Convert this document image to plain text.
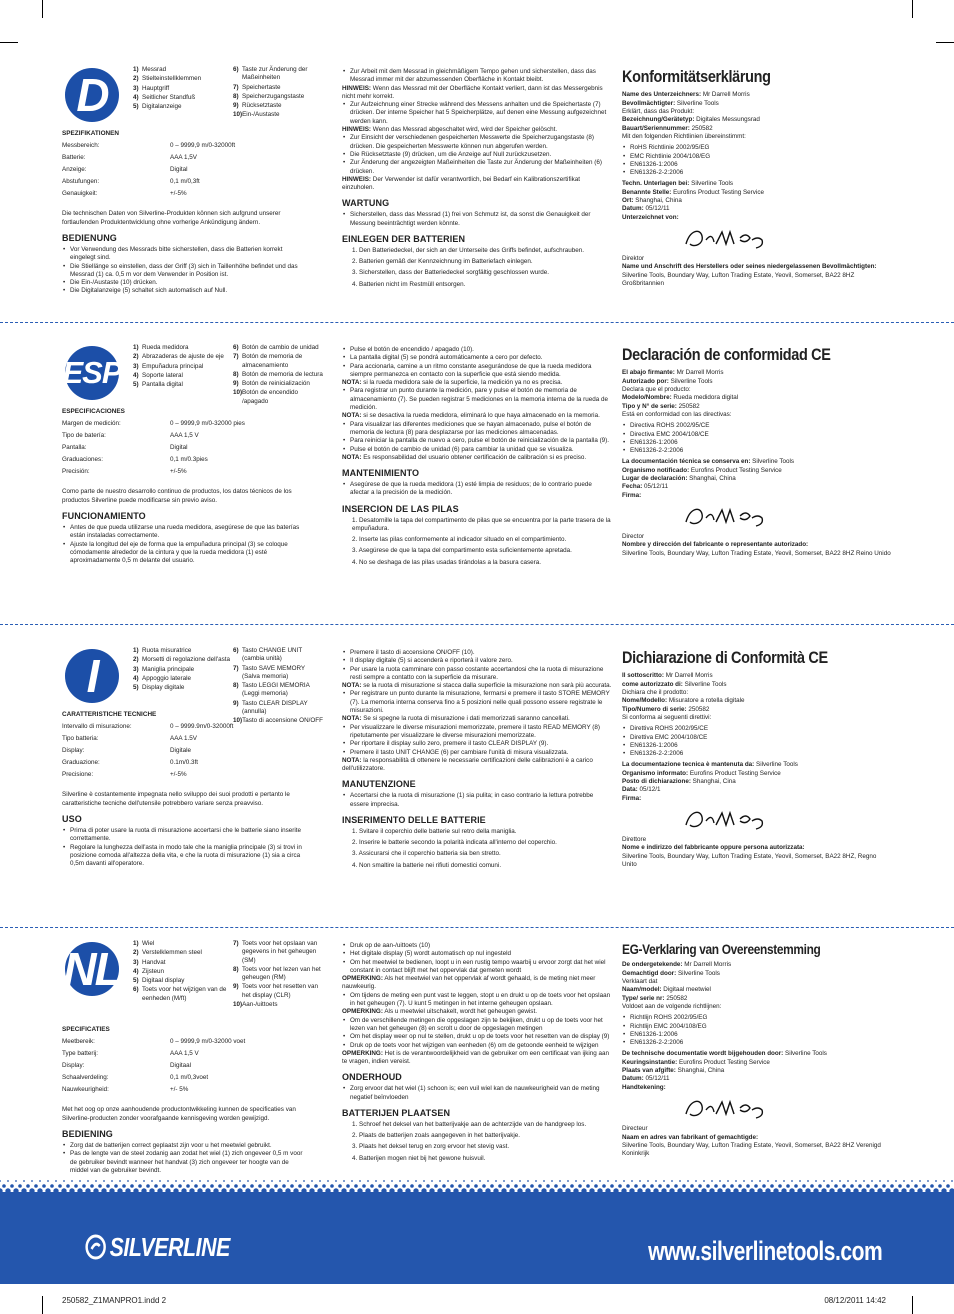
D	1) Messrad
2) Stielteinstellklemmen
3) Hauptgriff
4) Seitlicher Standfuß
5) Digitalanzeige
6) Taste zur Änderung der Maßeinheiten
7) Speichertaste
8) Speicherzugangstaste
9) Rücksetztaste
10) Ein-/Austaste
SPEZIFIKATIONEN
Messbereich:	0 – 9999,9 m/0-32000ft
Batterie:	AAA 1,5V
Anzeige:	Digital
Abstufungen:	0,1 m/0,3ft
Genauigkeit:	+/-5%

Die technischen Daten von Silverline-Produkten können sich aufgrund unserer fortlaufenden Produktentwicklung ohne vorherige Ankündigung ändern.

BEDIENUNG
• Vor Verwendung des Messrads bitte sicherstellen, dass die Batterien korrekt eingelegt sind.
• Die Stiellänge so einstellen, dass der Griff (3) sich in Taillenhöhe befindet und das Messrad (1) ca. 0,5 m vor dem Verwender in Position ist.
• Die Ein-/Austaste (10) drücken.
• Die Digitalanzeige (5) schaltet sich automatisch auf Null.
• Zur Arbeit mit dem Messrad in gleichmäßigem Tempo gehen und sicherstellen, dass das Messrad immer mit der abzumessenden Oberfläche in Kontakt bleibt.

HINWEIS: Wenn das Messrad mit der Oberfläche Kontakt verliert, dann ist das Messergebnis nicht mehr korrekt.

• Zur Aufzeichnung einer Strecke während des Messens anhalten und die Speichertaste (7) drücken. Der interne Speicher hat 5 Speicherplätze, auf denen eine Messung aufgezeichnet werden kann.

HINWEIS: Wenn das Messrad abgeschaltet wird, wird der Speicher gelöscht.

• Zur Einsicht der verschiedenen gespeicherten Messwerte die Speicherzugangstaste (8) drücken. Die gespeicherten Messwerte können nun abgerufen werden.
• Die Rücksetztaste (9) drücken, um die Anzeige auf Null zurückzusetzen.
• Zur Änderung der angezeigten Maßeinheiten die Taste zur Änderung der Maßeinheiten (6) drücken.

HINWEIS: Der Verwender ist dafür verantwortlich, bei Bedarf ein Kalibrationszertifikat einzuholen.

WARTUNG
• Sicherstellen, dass das Messrad (1) frei von Schmutz ist, da sonst die Genauigkeit der Messung beeinträchtigt werden könnte.
EINLEGEN DER BATTERIEN
1. Den Batteriedeckel, der sich an der Unterseite des Griffs befindet, aufschrauben.
2. Batterien gemäß der Kennzeichnung im Batteriefach einlegen.
3. Sicherstellen, dass der Batteriedeckel sorgfältig geschlossen wurde.
4. Batterien nicht im Restmüll entsorgen.
Konformitätserklärung

Name des Unterzeichners: Mr Darrell Morris

Bevollmächtigter: Silverline Tools

Erklärt, dass das Produkt:

Bezeichnung/Gerätetyp: Digitales Messungsrad

Bauart/Seriennummer: 250582

Mit den folgenden Richtlinien übereinstimmt:

• RoHS Richtlinie 2002/95/EG
• EMC Richtlinie 2004/108/EG
• EN61326-1:2006
• EN61326-2-2:2006

Techn. Unterlagen bei: Silverline Tools

Benannte Stelle: Eurofins Product Testing Service

Ort: Shanghai, China

Datum: 05/12/11

Unterzeichnet von:

Direktor

Name und Anschrift des Herstellers oder seines niedergelassenen Bevollmächtigten:

Silverline Tools, Boundary Way, Lufton Trading Estate, Yeovil, Somerset, BA22 8HZ Großbritannien

ESP
1) Rueda medidora
2) Abrazaderas de ajuste de eje
3) Empuñadura principal
4) Soporte lateral
5) Pantalla digital
6) Botón de cambio de unidad
7) Botón de memoria de almacenamiento
8) Botón de memoria de lectura
9) Botón de reinicialización
10) Botón de encendido /apagado
ESPECIFICACIONES
Margen de medición:	0 – 9999,9 m/0-32000 pies
Tipo de batería:	AAA 1,5 V
Pantalla:	Digital
Graduaciones:	0,1 m/0.3pies
Precisión:	+/-5%

Como parte de nuestro desarrollo continuo de productos, los datos técnicos de los productos Silverline puede modificarse sin previo aviso.

FUNCIONAMIENTO
• Antes de que pueda utilizarse una rueda medidora, asegúrese de que las baterías están instaladas correctamente.
• Ajuste la longitud del eje de forma que la empuñadura principal (3) se coloque cómodamente alrededor de la cintura y que la rueda medidora (1) esté aproximadamente 0,5 m delante del usuario.
• Pulse el botón de encendido / apagado (10).
• La pantalla digital (5) se pondrá automáticamente a cero por defecto.
• Para accionarla, camine a un ritmo constante asegurándose de que la rueda medidora siempre permanezca en contacto con la superficie que está siendo medida.

NOTA: si la rueda medidora sale de la superficie, la medición ya no es precisa.

• Para registrar un punto durante la medición, pare y pulse el botón de memoria de almacenamiento (7). Se pueden registrar 5 mediciones en la memoria interna de la rueda de medición.

NOTA: si se desactiva la rueda medidora, eliminará lo que haya almacenado en la memoria.

• Para visualizar las diferentes mediciones que se hayan almacenado, pulse el botón de memoria de lectura (8) para desplazarse por las mediciones almacenadas.
• Para reiniciar la pantalla de nuevo a cero, pulse el botón de reinicialización de la pantalla (9).
• Pulse el botón de cambio de unidad (6) para cambiar la unidad que se visualiza.

NOTA: Es responsabilidad del usuario obtener certificación de calibración si es preciso.

MANTENIMIENTO
• Asegúrese de que la rueda medidora (1) esté limpia de residuos; de lo contrario puede afectar a la precisión de la medición.
INSERCION DE LAS PILAS
1. Desatornille la tapa del compartimento de pilas que se encuentra por la parte trasera de la empuñadura.
2. Inserte las pilas conformemente al indicador situado en el compartimiento.
3. Asegúrese de que la tapa del compartimento esta suficientemente apretada.
4. No se deshaga de las pilas usadas tirándolas a la basura casera.
Declaración de conformidad CE

El abajo firmante: Mr Darrell Morris

Autorizado por: Silverline Tools

Declara que el producto:

Modelo/Nombre: Rueda medidora digital

Tipo y N° de serie: 250582

Está en conformidad con las directivas:

• Directiva ROHS 2002/95/CE
• Directiva EMC 2004/108/CE
• EN61326-1:2006
• EN61326-2-2:2006

La documentación técnica se conserva en: Silverline Tools

Organismo notificado: Eurofins Product Testing Service

Lugar de declaración: Shanghai, China

Fecha: 05/12/11

Firma:

Director

Nombre y dirección del fabricante o representante autorizado:

Silverline Tools, Boundary Way, Lufton Trading Estate, Yeovil, Somerset, BA22 8HZ Reino Unido

I	1) Ruota misuratrice
2) Morsetti di regolazione dell'asta
3) Maniglia principale
4) Appoggio laterale
5) Display digitale
6) Tasto CHANGE UNIT (cambia unità)
7) Tasto SAVE MEMORY (Salva memoria)
8) Tasto LEGGI MEMORIA (Leggi memoria)
9) Tasto CLEAR DISPLAY (annulla)
10) Tasto di accensione ON/OFF
CARATTERISTICHE TECNICHE
Intervallo di misurazione:	0 – 9999.9m/0-32000ft
Tipo batteria:	AAA 1.5V
Display:	Digitale
Graduazione:	0.1m/0.3ft
Precisione:	+/-5%

Silverline è costantemente impegnata nello sviluppo dei suoi prodotti e pertanto le caratteristiche tecniche dell'utensile potrebbero variare senza preavviso.

USO
• Prima di poter usare la ruota di misurazione accertarsi che le batterie siano inserite correttamente.
• Regolare la lunghezza dell'asta in modo tale che la maniglia principale (3) si trovi in posizione comoda all'altezza della vita, e che la ruota di misurazione (1) sia a circa 0,5m davanti all'operatore.
• Premere il tasto di accensione ON/OFF (10).
• Il display digitale (5) si accenderà e riporterà il valore zero.
• Per usare la ruota camminare con passo costante accertandosi che la ruota di misurazione resti sempre a contatto con la superficie da misurare.

NOTA: se la ruota di misurazione si stacca dalla superficie la misurazione non sarà più accurata.

• Per registrare un punto durante la misurazione, fermarsi e premere il tasto STORE MEMORY (7). La memoria interna conserva fino a 5 posizioni nelle quali possono essere registrate le misurazioni.

NOTA: Se si spegne la ruota di misurazione i dati memorizzati saranno cancellati.

• Per visualizzare le diverse misurazioni memorizzate, premere il tasto READ MEMORY (8) ripetutamente per visualizzare le diverse misurazioni memorizzate.
• Per riportare il display sullo zero, premere il tasto CLEAR DISPLAY (9).
• Premere il tasto UNIT CHANGE (6) per cambiare l'unità di misura visualizzata.

NOTA: la responsabilità di ottenere le necessarie certificazioni delle calibrazioni è a carico dell'utilizzatore.

MANUTENZIONE
• Accertarsi che la ruota di misurazione (1) sia pulita; in caso contrario la lettura potrebbe essere imprecisa.
INSERIMENTO DELLE BATTERIE
1. Svitare il coperchio delle batterie sul retro della maniglia.
2. Inserire le batterie secondo la polarità indicata all'interno del coperchio.
3. Assicurarsi che il coperchio batteria sia ben stretto.
4. Non smaltire la batterie nei rifiuti domestici comuni.
Dichiarazione di Conformità CE

Il sottoscritto: Mr Darrell Morris

come autorizzato di: Silverline Tools

Dichiara che il prodotto:

Nome/Modello: Misuratore a rotella digitale

Tipo/Numero di serie: 250582

Si conforma ai seguenti direttivi:

• Direttiva ROHS 2002/95/CE
• Direttiva EMC 2004/108/CE
• EN61326-1:2006
• EN61326-2-2:2006

La documentazione tecnica è mantenuta da: Silverline Tools

Organismo informato: Eurofins Product Testing Service

Posto di dichiarazione: Shanghai, Cina

Data: 05/12/1

Firma:

Direttore

Nome e indirizzo del fabbricante oppure persona autorizzata:

Silverline Tools, Boundary Way, Lufton Trading Estate, Yeovil, Somerset, BA22 8HZ, Regno Unito

NL 1) Wiel
2) Verstelklemmen steel
3) Handvat
4) Zijsteun
5) Digitaal display
6) Toets voor het wijzigen van de eenheden (M/ft)
7) Toets voor het opslaan van gegevens in het geheugen (SM)
8) Toets voor het lezen van het geheugen (RM)
9) Toets voor het resetten van het display (CLR)
10) Aan-/uittoets
SPECIFICATIES
Meetbereik:	0 – 9999,9 m/0-32000 voet
Type batterij:	AAA 1,5 V
Display:	Digitaal
Schaalverdeling:	0,1 m/0,3voet
Nauwkeurigheid:	+/- 5%

Met het oog op onze aanhoudende productontwikkeling kunnen de specificaties van Silverline-producten zonder voorafgaande kennisgeving worden gewijzigd.

BEDIENING
• Zorg dat de batterijen correct geplaatst zijn voor u het meetwiel gebruikt.
• Pas de lengte van de steel zodanig aan zodat het wiel (1) zich ongeveer 0,5 m voor de gebruiker bevindt wanneer het handvat (3) zich ongeveer ter hoogte van de middel van de gebruiker bevindt.
• Druk op de aan-/uittoets (10)
• Het digitale display (5) wordt automatisch op nul ingesteld
• Om het meetwiel te bedienen, loopt u in een rustig tempo waarbij u ervoor zorgt dat het wiel constant in contact blijft met het oppervlak dat gemeten wordt

OPMERKING: Als het meetwiel van het oppervlak af wordt gehaald, is de meting niet meer nauwkeurig.

• Om tijdens de meting een punt vast te leggen, stopt u en drukt u op de toets voor het opslaan in het geheugen (7). U kunt 5 metingen in het interne geheugen opslaan.

OPMERKING: Als u meetwiel uitschakelt, wordt het geheugen gewist.

• Om de verschillende metingen die opgeslagen zijn te bekijken, drukt u op de toets voor het lezen van het geheugen (8) en scrolt u door de opgeslagen metingen
• Om het display weer op nul te stellen, drukt u op de toets voor het resetten van de display (9)
• Druk op de toets voor het wijzigen van eenheden (6) om de getoonde eenheid te wijzigen

OPMERKING: Het is de verantwoordelijkheid van de gebruiker om een certificaat van ijking aan te vragen, indien vereist.

ONDERHOUD
• Zorg ervoor dat het wiel (1) schoon is; een vuil wiel kan de nauwkeurigheid van de meting negatief beïnvloeden
BATTERIJEN PLAATSEN
1. Schroef het deksel van het batterijvakje aan de achterzijde van de handgreep los.
2. Plaats de batterijen zoals aangegeven in het batterijvakje.
3. Plaats het deksel terug en zorg ervoor het stevig vast.
4. Batterijen mogen niet bij het gewone huisvuil.
EG-Verklaring van Overeenstemming

De ondergetekende: Mr Darrell Morris

Gemachtigd door: Silverline Tools

Verklaart dat

Naam/model: Digitaal meetwiel

Type/ serie nr: 250582

Voldoet aan de volgende richtlijnen:

• Richtlijn ROHS 2002/95/EG
• Richtlijn EMC 2004/108/EG
• EN61326-1:2006
• EN61326-2-2:2006

De technische documentatie wordt bijgehouden door: Silverline Tools

Keuringsinstantie: Eurofins Product Testing Service

Plaats van afgifte: Shanghai, China

Datum: 05/12/11

Handtekening:

Directeur

Naam en adres van fabrikant of gemachtigde:

Silverline Tools, Boundary Way, Lufton Trading Estate, Yeovil, Somerset, BA22 8HZ Verenigd Koninkrijk

SILVERLINE	www.silverlinetools.com
250582_Z1MANPRO1.indd 2	08/12/2011 14:42
